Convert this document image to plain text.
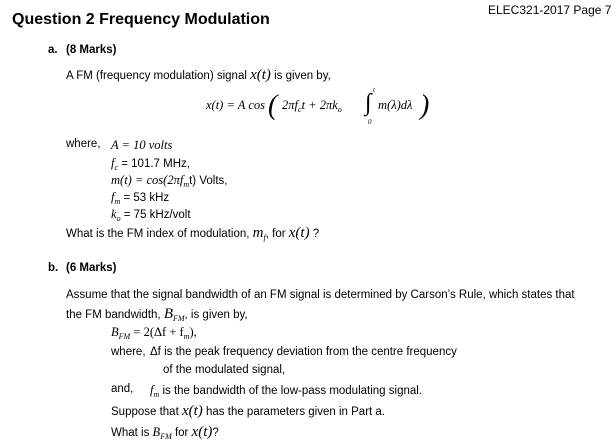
ELEC321-2017 Page 7
Question 2 Frequency Modulation
a. (8 Marks)
A FM (frequency modulation) signal x(t) is given by,
x(t) = A cos ( $2\pi f_ct + 2\pi k_o$ ∫ t
0
m(λ)dλ )
where, A = 10 volts
$f_c = 101.7$ MHz,
$m(t) = \cos(2\pi f_mt)$ Volts,
$f_m = 53$ kHz
$k_o = 75$ kHz/volt
What is the FM index of modulation, $m_f$, for x(t) ?
b. (6 Marks)
Assume that the signal bandwidth of an FM signal is determined by Carson’s Rule, which states that
the FM bandwidth, $B_{FM}$, is given by,
$B_{FM} = 2(\Delta f + f_m)$,
where, Δf is the peak frequency deviation from the centre frequency
of the modulated signal,
and, $f_m$ is the bandwidth of the low-pass modulating signal.
Suppose that x(t) has the parameters given in Part a.
What is $B_{FM}$ for x(t)?
